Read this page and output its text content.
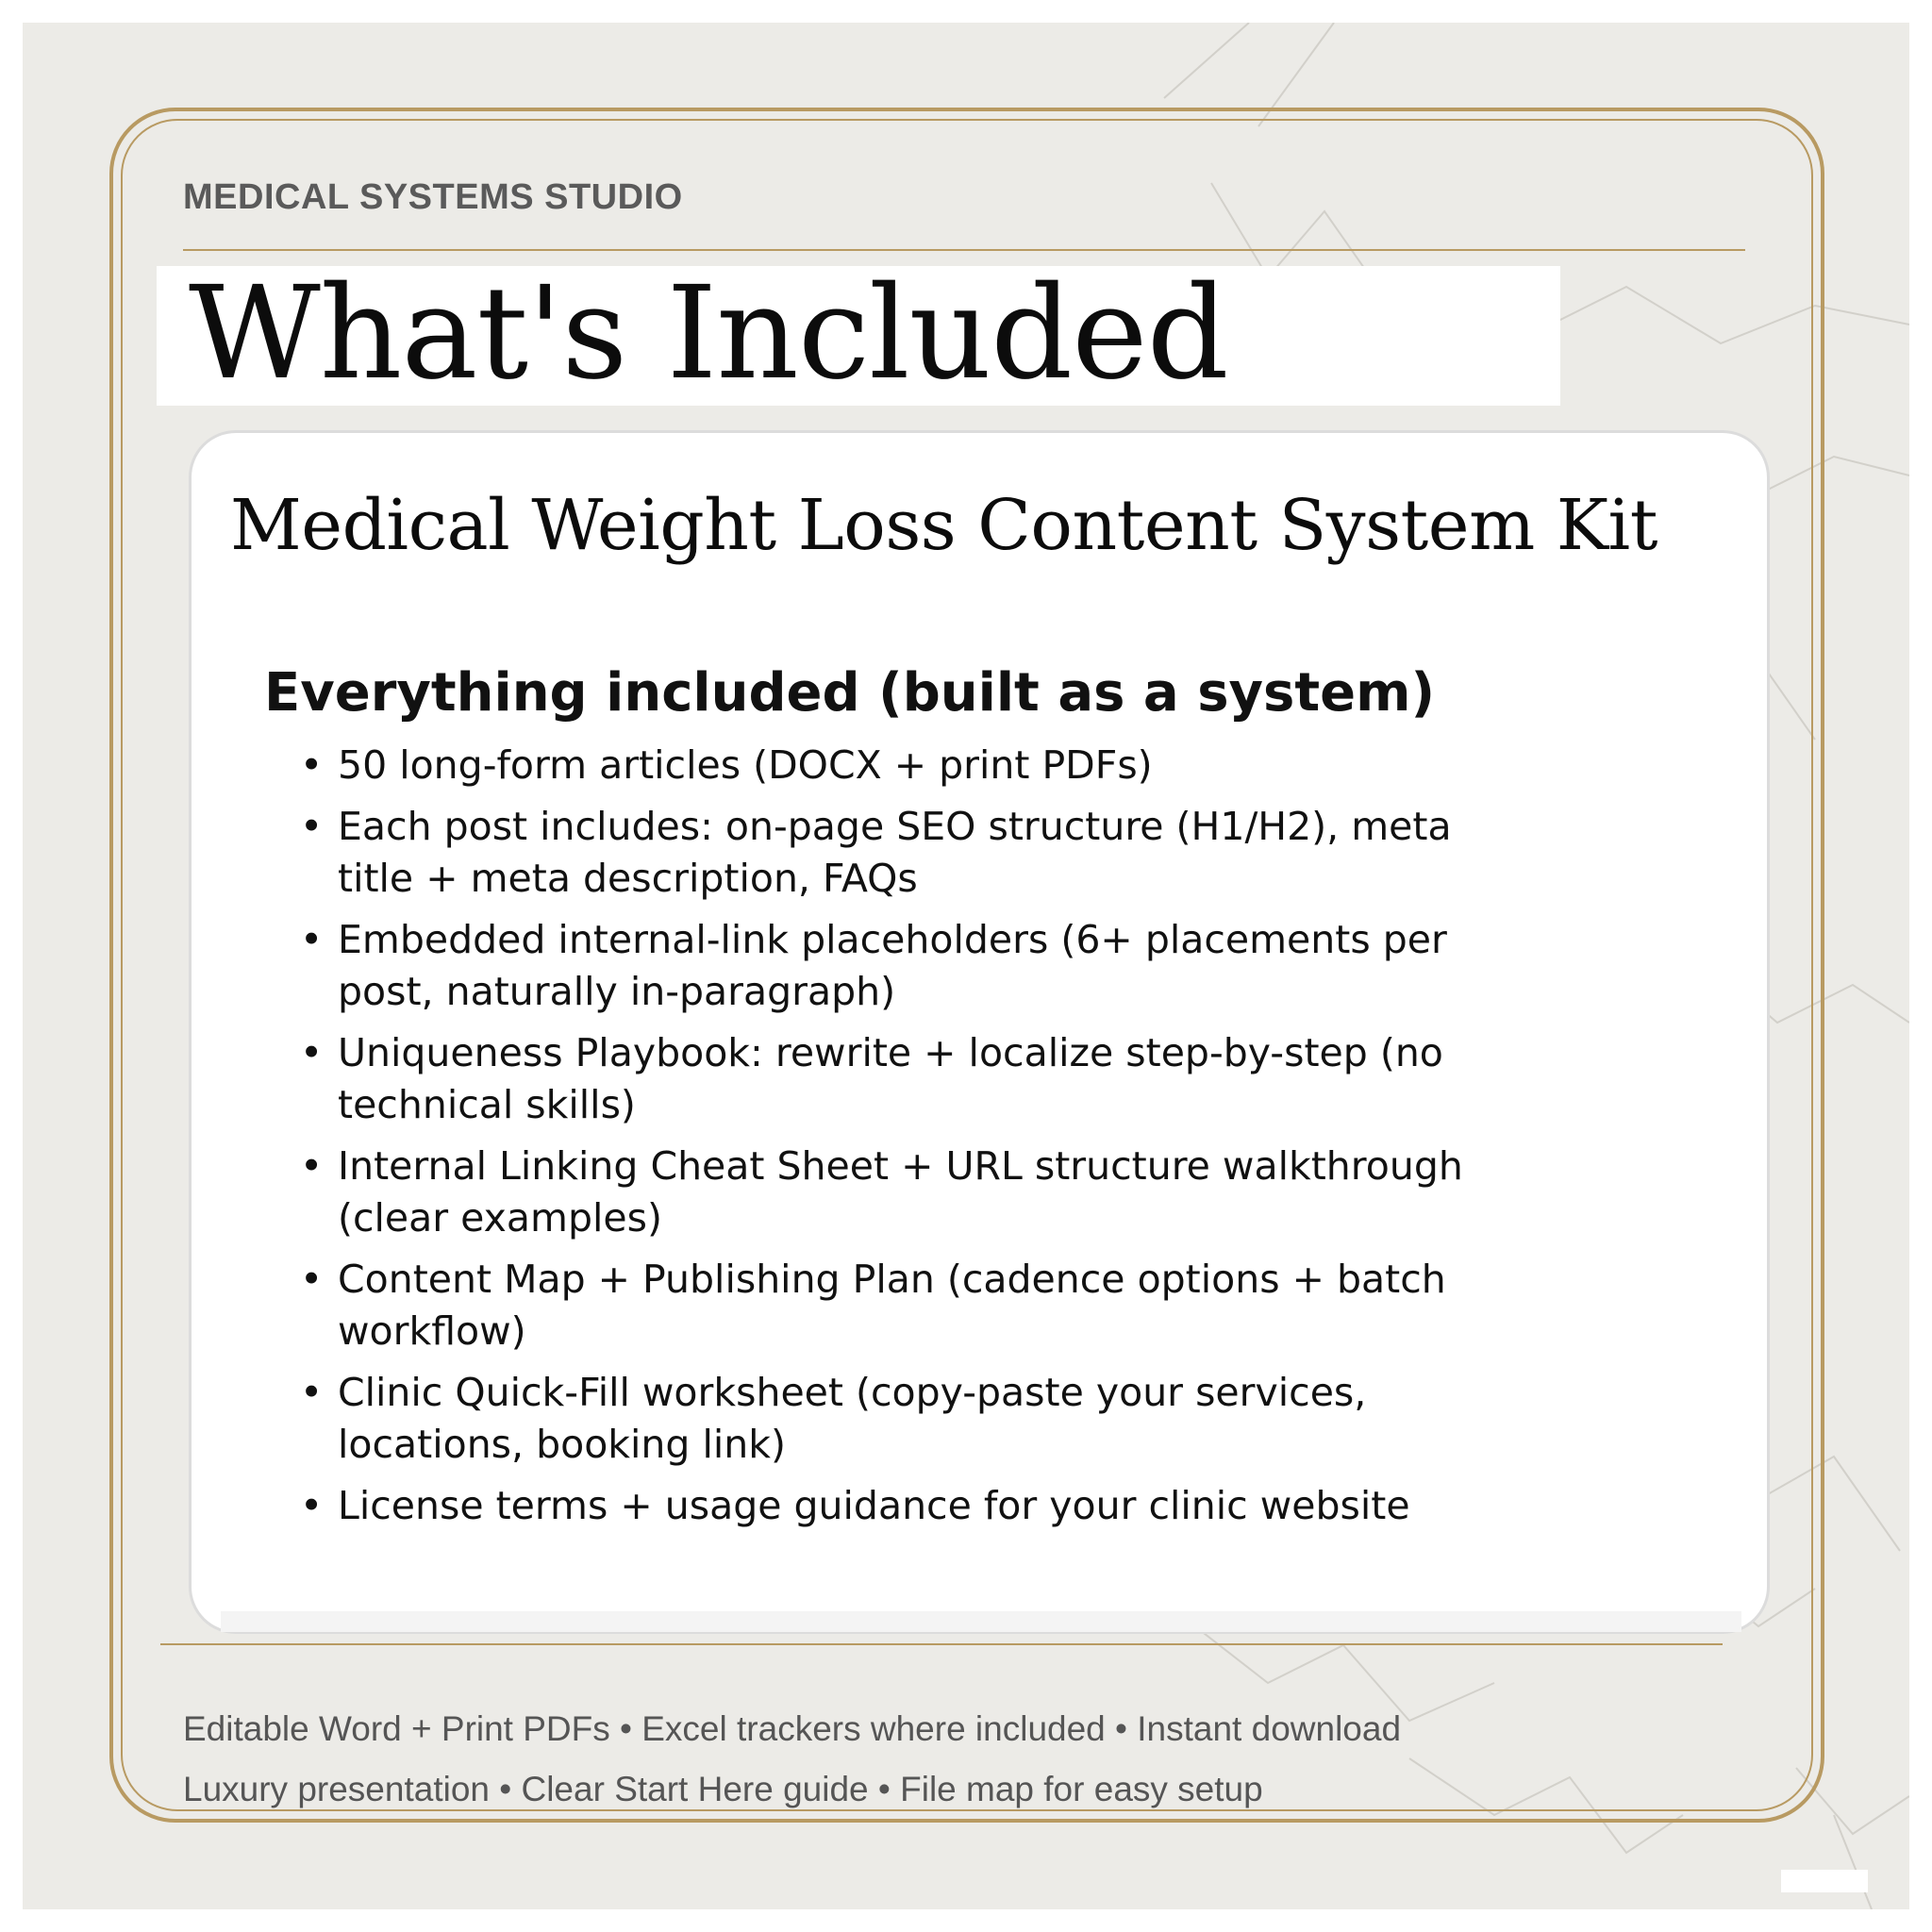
MEDICAL SYSTEMS STUDIO
What's Included
Medical Weight Loss Content System Kit
Everything included (built as a system)
• 50 long-form articles (DOCX + print PDFs)
• Each post includes: on-page SEO structure (H1/H2), meta title + meta description, FAQs
• Embedded internal-link placeholders (6+ placements per post, naturally in-paragraph)
• Uniqueness Playbook: rewrite + localize step-by-step (no technical skills)
• Internal Linking Cheat Sheet + URL structure walkthrough (clear examples)
• Content Map + Publishing Plan (cadence options + batch workflow)
• Clinic Quick-Fill worksheet (copy-paste your services, locations, booking link)
• License terms + usage guidance for your clinic website
Editable Word + Print PDFs • Excel trackers where included • Instant download
Luxury presentation • Clear Start Here guide • File map for easy setup
